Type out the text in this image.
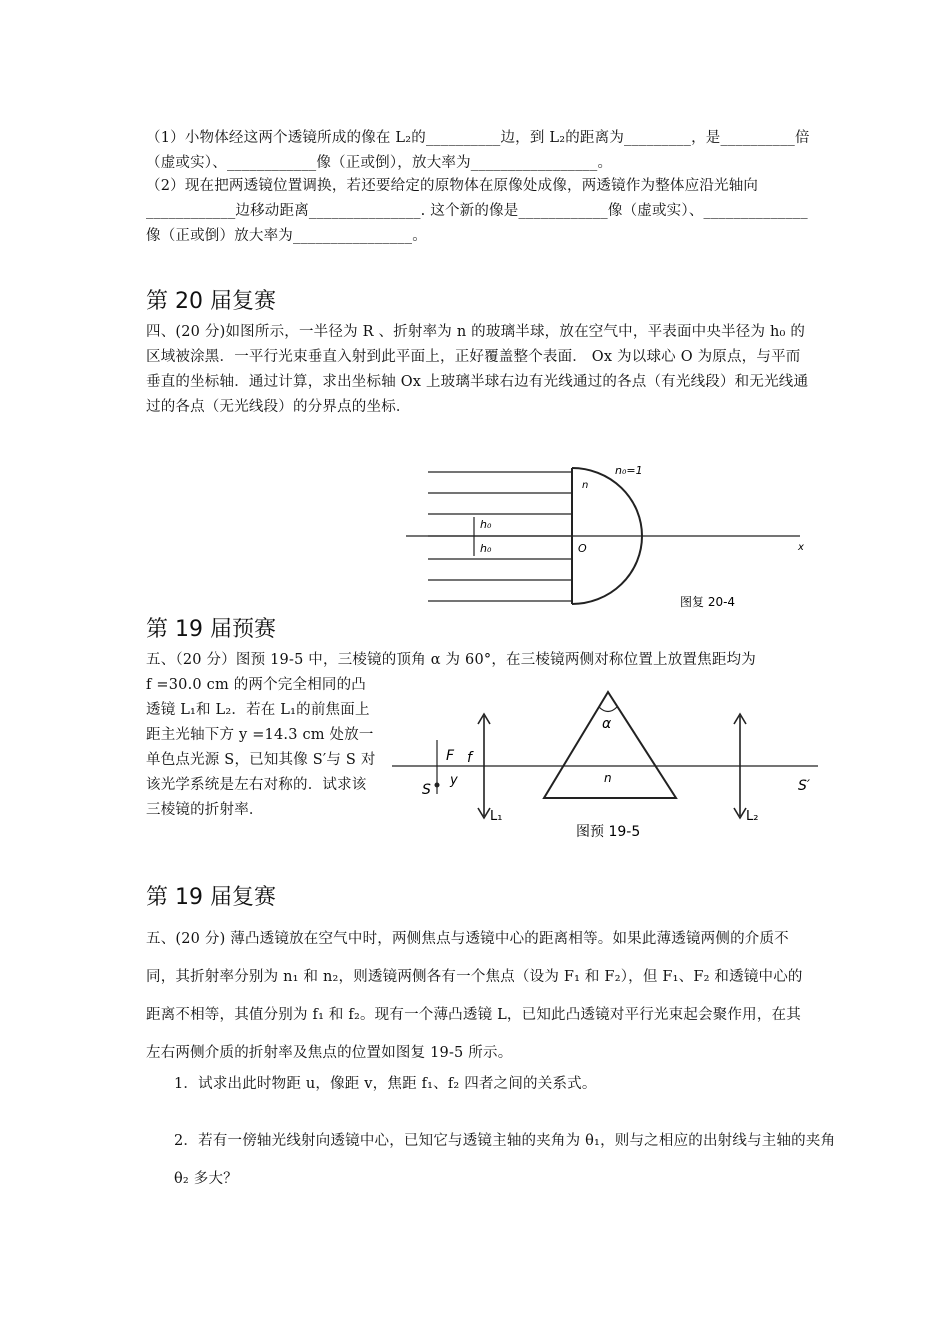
（1）小物体经这两个透镜所成的像在 L₂的__________边，到 L₂的距离为_________，是__________倍（虚或实）、____________像（正或倒），放大率为_________________。
（2）现在把两透镜位置调换，若还要给定的原物体在原像处成像，两透镜作为整体应沿光轴向____________边移动距离_______________. 这个新的像是____________像（虚或实）、______________像（正或倒）放大率为________________。
第 20 届复赛
四、(20 分)如图所示，一半径为 R 、折射率为 n 的玻璃半球，放在空气中，平表面中央半径为 h₀ 的区域被涂黑．一平行光束垂直入射到此平面上，正好覆盖整个表面． Ox 为以球心 O 为原点，与平而垂直的坐标轴．通过计算，求出坐标轴 Ox 上玻璃半球右边有光线通过的各点（有光线段）和无光线通过的各点（无光线段）的分界点的坐标．
h₀
h₀	O
n
n₀=1
x
图复 20-4
第 19 届预赛
五、（20 分）图预 19-5 中，三棱镜的顶角 α 为 60°，在三棱镜两侧对称位置上放置焦距均为
f =30.0 cm 的两个完全相同的凸透镜 L₁和 L₂．若在 L₁的前焦面上距主光轴下方 y =14.3 cm 处放一单色点光源 S，已知其像 S′与 S 对该光学系统是左右对称的．试求该三棱镜的折射率．
F f
S
y
L₁
α
n
L₂
S′
图预 19-5
第 19 届复赛
五、(20 分) 薄凸透镜放在空气中时，两侧焦点与透镜中心的距离相等。如果此薄透镜两侧的介质不同，其折射率分别为 n₁ 和 n₂，则透镜两侧各有一个焦点（设为 F₁ 和 F₂），但 F₁、F₂ 和透镜中心的距离不相等，其值分别为 f₁ 和 f₂。现有一个薄凸透镜 L，已知此凸透镜对平行光束起会聚作用，在其左右两侧介质的折射率及焦点的位置如图复 19-5 所示。
1．试求出此时物距 u，像距 v，焦距 f₁、f₂ 四者之间的关系式。
2．若有一傍轴光线射向透镜中心，已知它与透镜主轴的夹角为 θ₁，则与之相应的出射线与主轴的夹角 θ₂ 多大？
